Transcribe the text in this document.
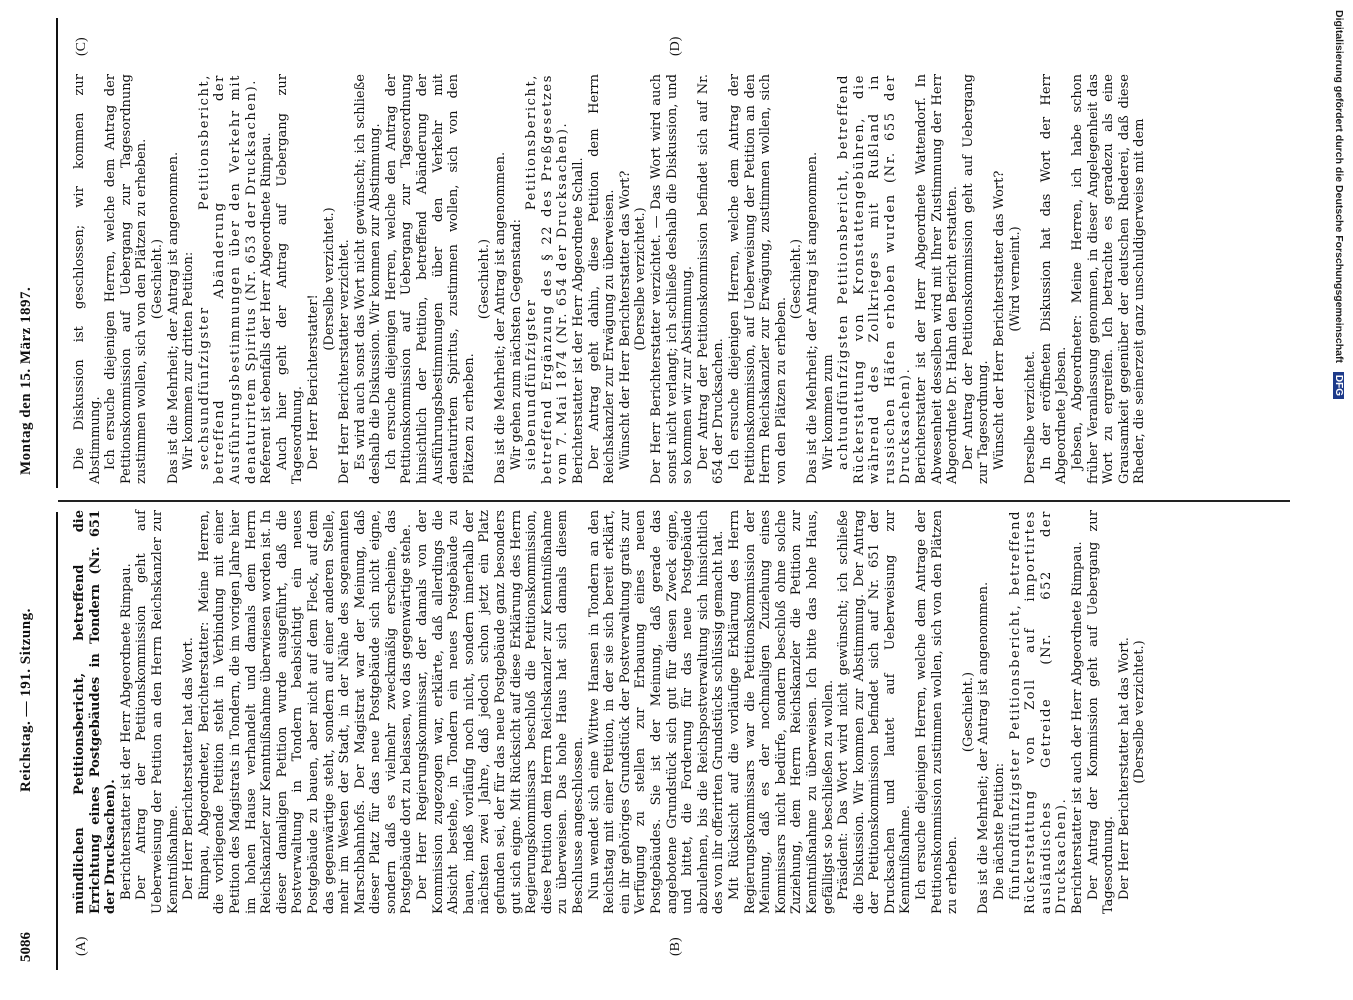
5086
Reichstag. — 191. Sitzung.
Montag den 15. März 1897.
(A)	(B)
(C)	(D)

mündlichen Petitionsbericht, betreffend die Errichtung eines Postgebäudes in Tondern (Nr. 651 der Drucksachen). Berichterstatter ist der Herr Abgeordnete Rimpau. Der Antrag der Petitionskommission geht auf Ueberweisung der Petition an den Herrn Reichskanzler zur Kenntnißnahme. Der Herr Berichterstatter hat das Wort. Rimpau, Abgeordneter, Berichterstatter: Meine Herren, die vorliegende Petition steht in Verbindung mit einer Petition des Magistrats in Tondern, die im vorigen Jahre hier im hohen Hause verhandelt und damals dem Herrn Reichskanzler zur Kenntnißnahme überwiesen worden ist. In dieser damaligen Petition wurde ausgeführt, daß die Postverwaltung in Tondern beabsichtigt ein neues Postgebäude zu bauen, aber nicht auf dem Fleck, auf dem das gegenwärtige steht, sondern auf einer anderen Stelle, mehr im Westen der Stadt, in der Nähe des sogenannten Marschbahnhofs. Der Magistrat war der Meinung, daß dieser Platz für das neue Postgebäude sich nicht eigne, sondern daß es vielmehr zweckmäßig erscheine, das Postgebäude dort zu belassen, wo das gegenwärtige stehe. Der Herr Regierungskommissar, der damals von der Kommission zugezogen war, erklärte, daß allerdings die Absicht bestehe, in Tondern ein neues Postgebäude zu bauen, indeß vorläufig noch nicht, sondern innerhalb der nächsten zwei Jahre, daß jedoch schon jetzt ein Platz gefunden sei, der für das neue Postgebäude ganz besonders gut sich eigne. Mit Rücksicht auf diese Erklärung des Herrn Regierungskommissars beschloß die Petitionskommission, diese Petition dem Herrn Reichskanzler zur Kenntnißnahme zu überweisen. Das hohe Haus hat sich damals diesem Beschlusse angeschlossen. Nun wendet sich eine Wittwe Hansen in Tondern an den Reichstag mit einer Petition, in der sie sich bereit erklärt, ein ihr gehöriges Grundstück der Postverwaltung gratis zur Verfügung zu stellen zur Erbauung eines neuen Postgebäudes. Sie ist der Meinung, daß gerade das angebotene Grundstück sich gut für diesen Zweck eigne, und bittet, die Forderung für das neue Postgebäude abzulehnen, bis die Reichspostverwaltung sich hinsichtlich des von ihr offerirten Grundstücks schlüssig gemacht hat. Mit Rücksicht auf die vorläufige Erklärung des Herrn Regierungskommissars war die Petitionskommission der Meinung, daß es der nochmaligen Zuziehung eines Kommissars nicht bedürfe, sondern beschloß ohne solche Zuziehung, dem Herrn Reichskanzler die Petition zur Kenntnißnahme zu überweisen. Ich bitte das hohe Haus, gefälligst so beschließen zu wollen. Präsident: Das Wort wird nicht gewünscht; ich schließe die Diskussion. Wir kommen zur Abstimmung. Der Antrag der Petitionskommission befindet sich auf Nr. 651 der Drucksachen und lautet auf Ueberweisung zur Kenntnißnahme. Ich ersuche diejenigen Herren, welche dem Antrage der Petitionskommission zustimmen wollen, sich von den Plätzen zu erheben.

(Geschieht.) Das ist die Mehrheit; der Antrag ist angenommen. Die nächste Petition: fünfundfünfzigster Petitionsbericht, betreffend Rückerstattung von Zoll auf importirtes ausländisches Getreide (Nr. 652 der Drucksachen). Berichterstatter ist auch der Herr Abgeordnete Rimpau. Der Antrag der Kommission geht auf Uebergang zur Tagesordnung. Der Herr Berichterstatter hat das Wort. (Derselbe verzichtet.)

Die Diskussion ist geschlossen; wir kommen zur Abstimmung. Ich ersuche diejenigen Herren, welche dem Antrag der Petitionskommission auf Uebergang zur Tagesordnung zustimmen wollen, sich von den Plätzen zu erheben. (Geschieht.) Das ist die Mehrheit; der Antrag ist angenommen. Wir kommen zur dritten Petition: sechsundfünfzigster Petitionsbericht, betreffend Abänderung der Ausführungsbestimmungen über den Verkehr mit denaturirtem Spiritus (Nr. 653 der Drucksachen). Referent ist ebenfalls der Herr Abgeordnete Rimpau. Auch hier geht der Antrag auf Uebergang zur Tagesordnung. Der Herr Berichterstatter!

(Derselbe verzichtet.) Der Herr Berichterstatter verzichtet. Es wird auch sonst das Wort nicht gewünscht; ich schließe deshalb die Diskussion. Wir kommen zur Abstimmung. Ich ersuche diejenigen Herren, welche den Antrag der Petitionskommission auf Uebergang zur Tagesordnung hinsichtlich der Petition, betreffend Abänderung der Ausführungsbestimmungen über den Verkehr mit denaturirtem Spiritus, zustimmen wollen, sich von den Plätzen zu erheben.

(Geschieht.) Das ist die Mehrheit; der Antrag ist angenommen. Wir gehen zum nächsten Gegenstand: siebenundfünfzigster Petitionsbericht, betreffend Ergänzung des § 22 des Preßgesetzes vom 7. Mai 1874 (Nr. 654 der Drucksachen). Berichterstatter ist der Herr Abgeordnete Schall. Der Antrag geht dahin, diese Petition dem Herrn Reichskanzler zur Erwägung zu überweisen. Wünscht der Herr Berichterstatter das Wort? (Derselbe verzichtet.) Der Herr Berichterstatter verzichtet. — Das Wort wird auch sonst nicht verlangt; ich schließe deshalb die Diskussion, und so kommen wir zur Abstimmung. Der Antrag der Petitionskommission befindet sich auf Nr. 654 der Drucksachen. Ich ersuche diejenigen Herren, welche dem Antrag der Petitionskommission, auf Ueberweisung der Petition an den Herrn Reichskanzler zur Erwägung, zustimmen wollen, sich von den Plätzen zu erheben.

(Geschieht.) Das ist die Mehrheit; der Antrag ist angenommen. Wir kommen zum achtundfünfzigsten Petitionsbericht, betreffend Rückerstattung von Kronstattengebühren, die während des Zollkrieges mit Rußland in russischen Häfen erhoben wurden (Nr. 655 der Drucksachen). Berichterstatter ist der Herr Abgeordnete Wattendorf. In Abwesenheit desselben wird mit Ihrer Zustimmung der Herr Abgeordnete Dr. Hahn den Bericht erstatten. Der Antrag der Petitionskommission geht auf Uebergang zur Tagesordnung. Wünscht der Herr Berichterstatter das Wort? (Wird verneint.)

Derselbe verzichtet. In der eröffneten Diskussion hat das Wort der Herr Abgeordnete Jebsen. Jebsen, Abgeordneter: Meine Herren, ich habe schon früher Veranlassung genommen, in dieser Angelegenheit das Wort zu ergreifen. Ich betrachte es geradezu als eine Grausamkeit gegenüber der deutschen Rhederei, daß diese Rheder, die seinerzeit ganz unschuldigerweise mit dem	Digitalisierung gefördert durch die Deutsche Forschungsgemeinschaft DFG
